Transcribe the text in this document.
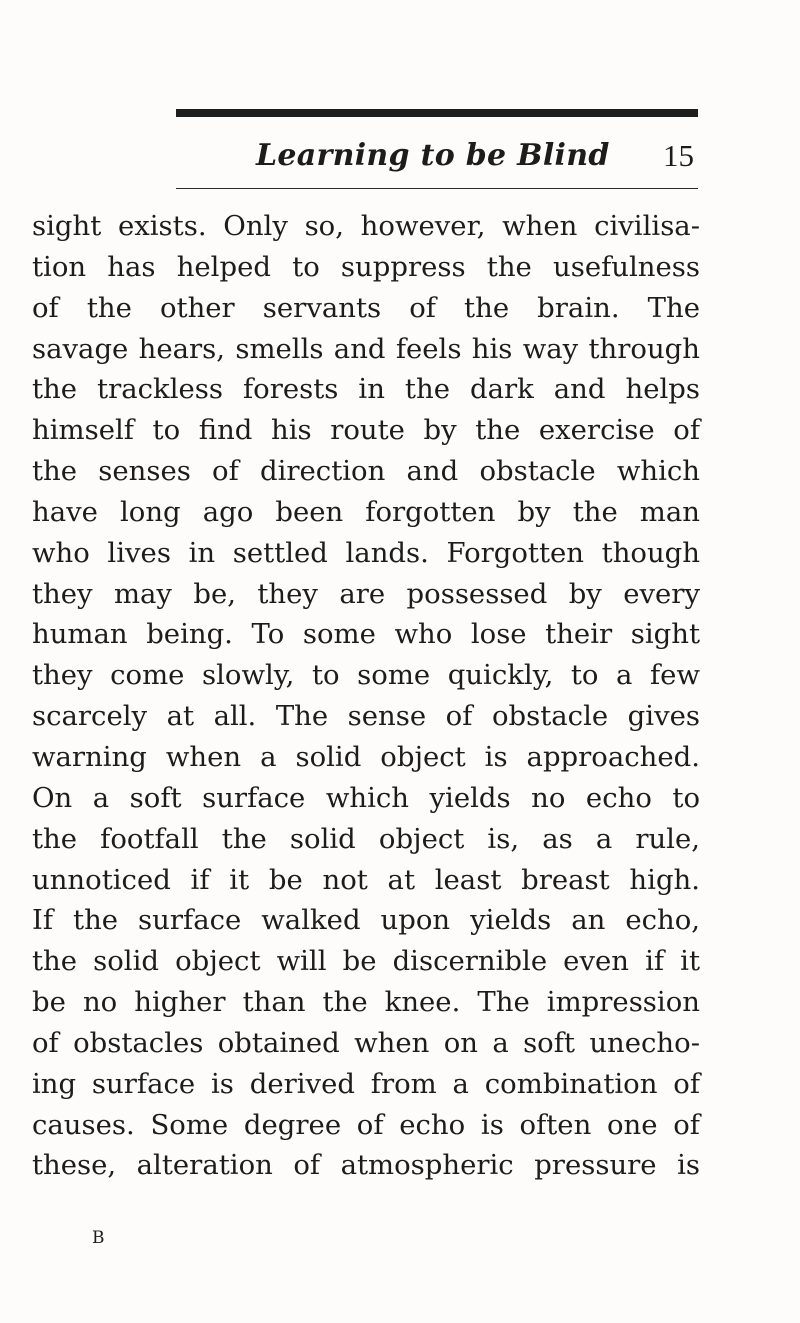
Learning to be Blind 15
sight exists. Only so, however, when civilisa-
tion has helped to suppress the usefulness
of the other servants of the brain. The
savage hears, smells and feels his way through
the trackless forests in the dark and helps
himself to find his route by the exercise of
the senses of direction and obstacle which
have long ago been forgotten by the man
who lives in settled lands. Forgotten though
they may be, they are possessed by every
human being. To some who lose their sight
they come slowly, to some quickly, to a few
scarcely at all. The sense of obstacle gives
warning when a solid object is approached.
On a soft surface which yields no echo to
the footfall the solid object is, as a rule,
unnoticed if it be not at least breast high.
If the surface walked upon yields an echo,
the solid object will be discernible even if it
be no higher than the knee. The impression
of obstacles obtained when on a soft unecho-
ing surface is derived from a combination of
causes. Some degree of echo is often one of
these, alteration of atmospheric pressure is
B
